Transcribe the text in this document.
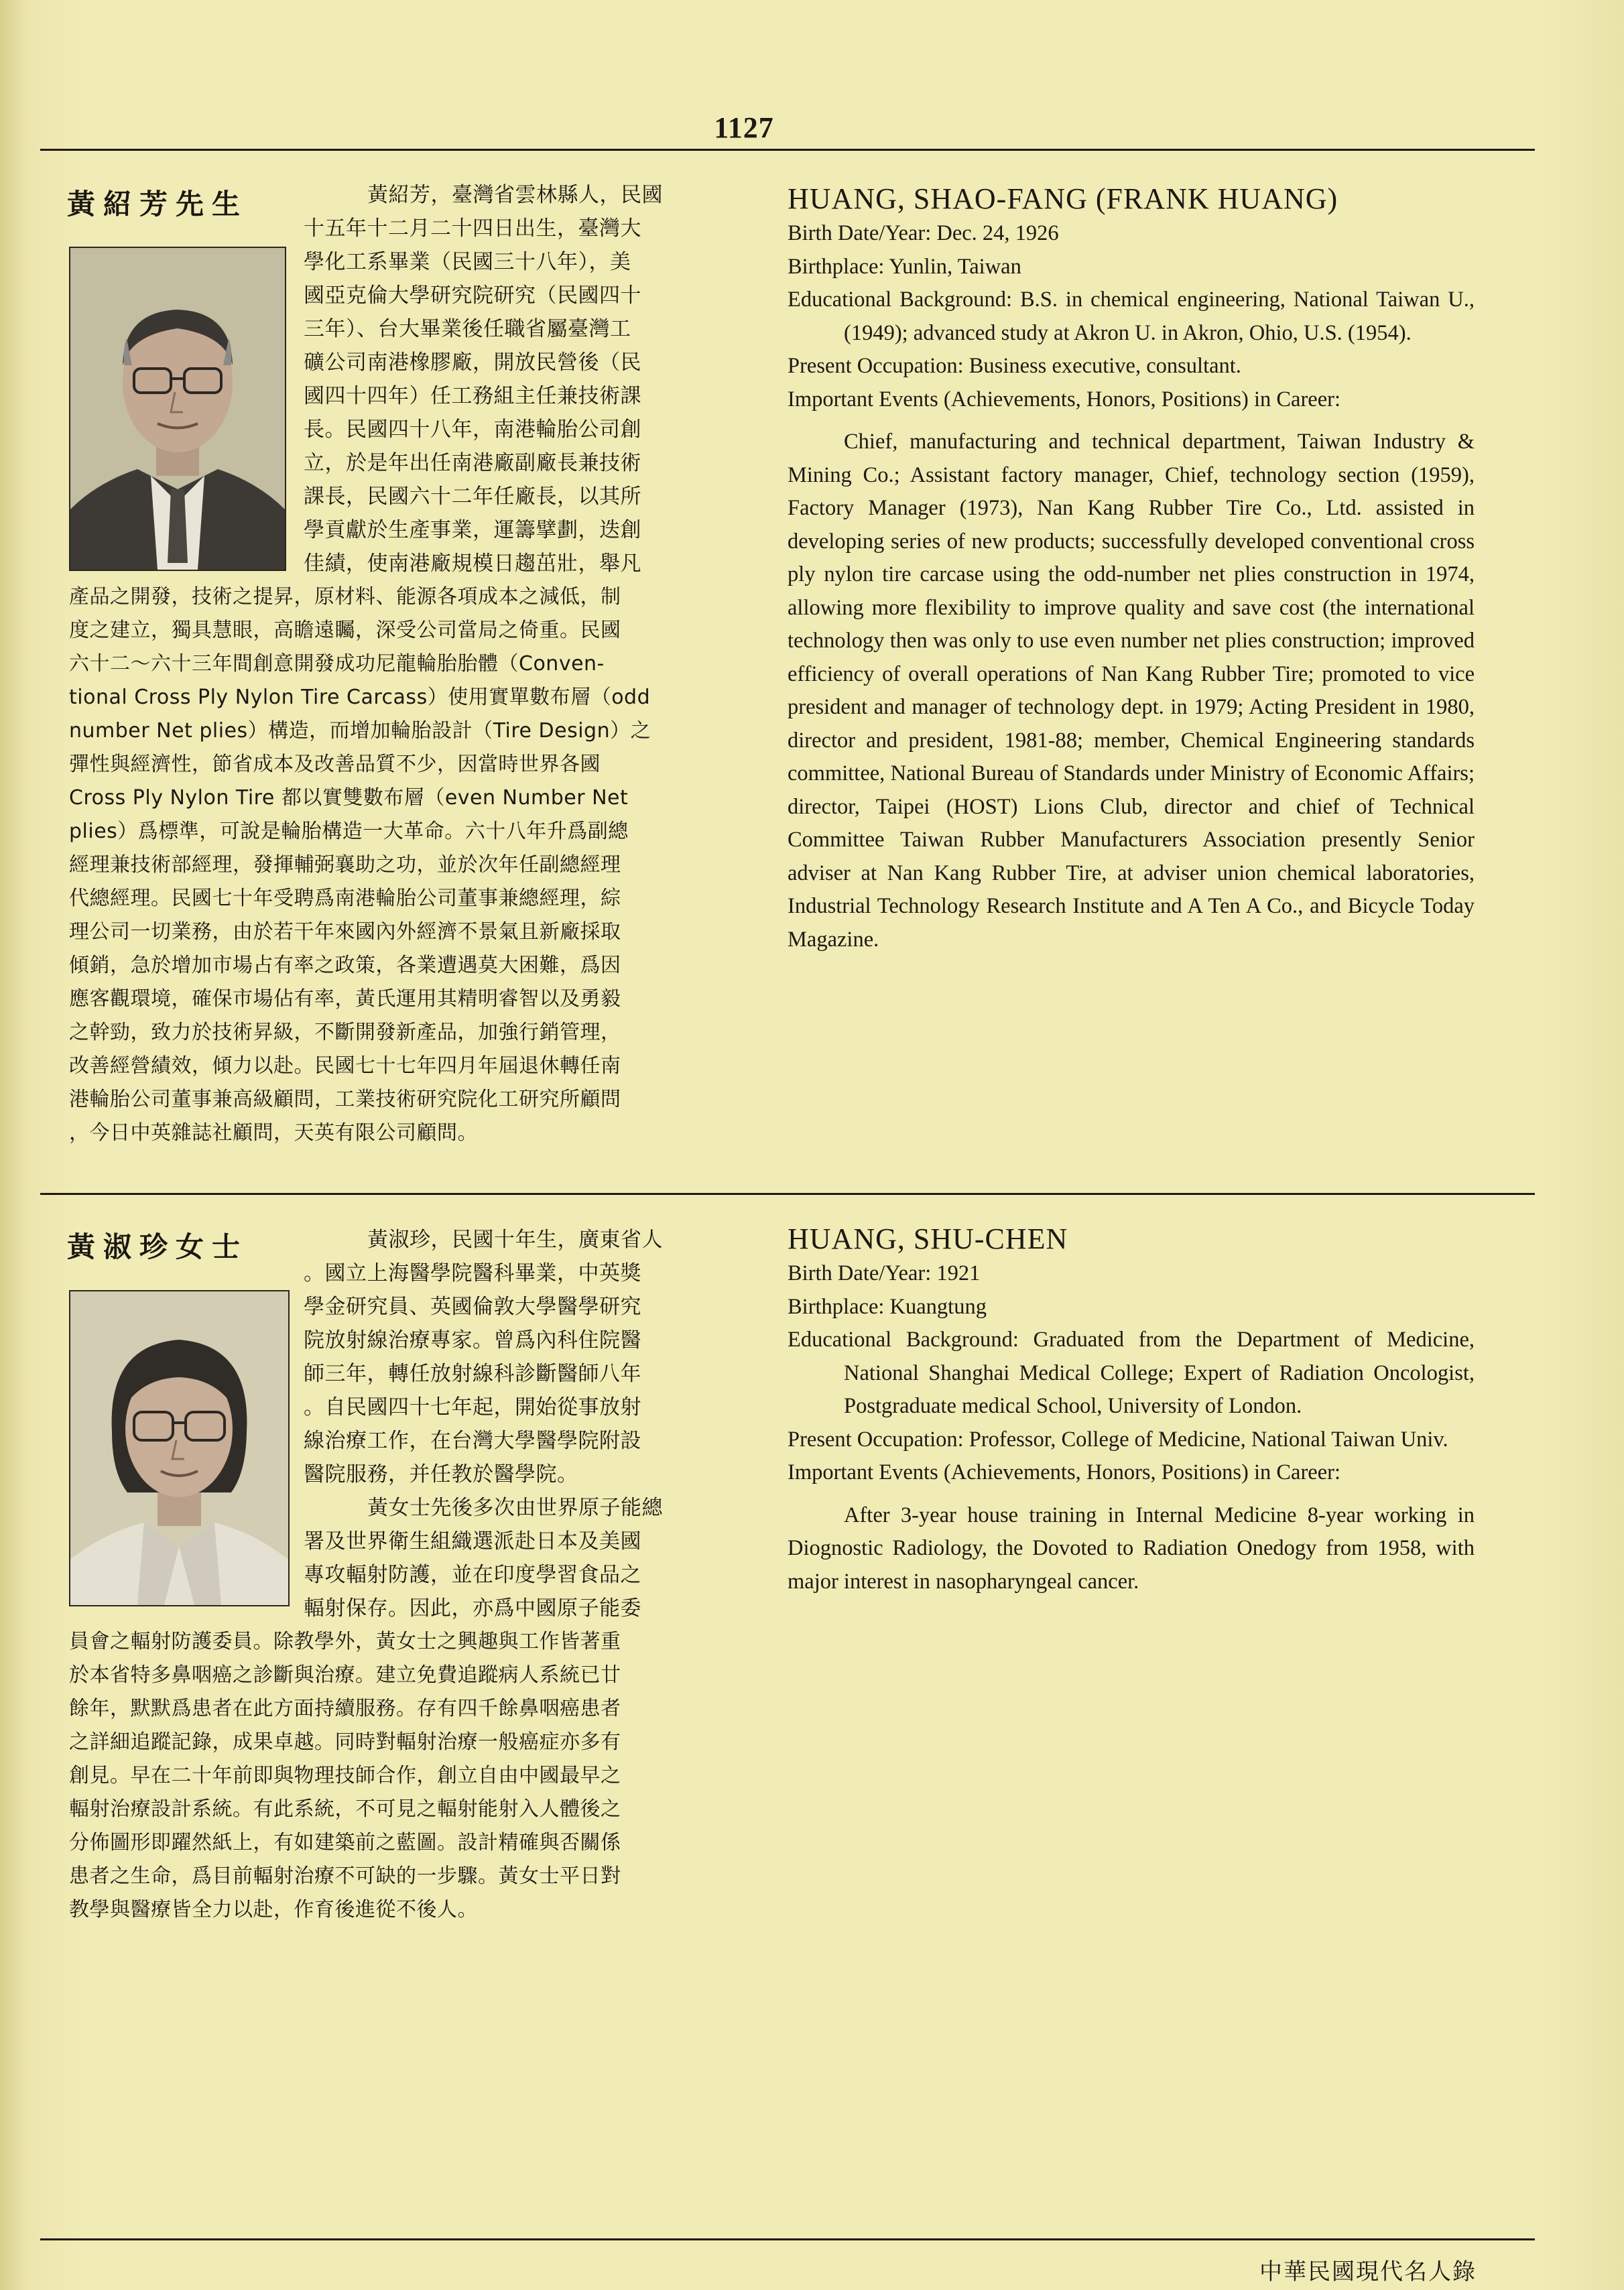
1127
黃紹芳先生	黃紹芳，臺灣省雲林縣人，民國
十五年十二月二十四日出生，臺灣大
學化工系畢業（民國三十八年），美
國亞克倫大學研究院研究（民國四十
三年）、台大畢業後任職省屬臺灣工
礦公司南港橡膠廠，開放民營後（民
國四十四年）任工務組主任兼技術課
長。民國四十八年，南港輪胎公司創
立，於是年出任南港廠副廠長兼技術
課長，民國六十二年任廠長，以其所
學貢獻於生產事業，運籌擘劃，迭創
佳績，使南港廠規模日趨茁壯，舉凡
產品之開發，技術之提昇，原材料、能源各項成本之減低，制
度之建立，獨具慧眼，高瞻遠矚，深受公司當局之倚重。民國
六十二～六十三年間創意開發成功尼龍輪胎胎體（Conven-
tional Cross Ply Nylon Tire Carcass）使用實單數布層（odd
number Net plies）構造，而增加輪胎設計（Tire Design）之
彈性與經濟性，節省成本及改善品質不少，因當時世界各國
Cross Ply Nylon Tire 都以實雙數布層（even Number Net
plies）爲標準，可說是輪胎構造一大革命。六十八年升爲副總
經理兼技術部經理，發揮輔弼襄助之功，並於次年任副總經理
代總經理。民國七十年受聘爲南港輪胎公司董事兼總經理，綜
理公司一切業務，由於若干年來國內外經濟不景氣且新廠採取
傾銷，急於增加市場占有率之政策，各業遭遇莫大困難，爲因
應客觀環境，確保市場佔有率，黃氏運用其精明睿智以及勇毅
之幹勁，致力於技術昇級，不斷開發新產品，加強行銷管理，
改善經營績效，傾力以赴。民國七十七年四月年屆退休轉任南
港輪胎公司董事兼高級顧問，工業技術研究院化工研究所顧問
，今日中英雜誌社顧問，天英有限公司顧問。
HUANG, SHAO-FANG (FRANK HUANG)
Birth Date/Year: Dec. 24, 1926
Birthplace: Yunlin, Taiwan
Educational Background: B.S. in chemical engineering, National Taiwan U., (1949); advanced study at Akron U. in Akron, Ohio, U.S. (1954).
Present Occupation: Business executive, consultant.
Important Events (Achievements, Honors, Positions) in Career:
Chief, manufacturing and technical department, Taiwan Industry & Mining Co.; Assistant factory manager, Chief, technology section (1959), Factory Manager (1973), Nan Kang Rubber Tire Co., Ltd. assisted in developing series of new products; successfully developed conventional cross ply nylon tire carcase using the odd-number net plies construction in 1974, allowing more flexibility to improve quality and save cost (the international technology then was only to use even number net plies construction; improved efficiency of overall operations of Nan Kang Rubber Tire; promoted to vice president and manager of technology dept. in 1979; Acting President in 1980, director and president, 1981-88; member, Chemical Engineering standards committee, National Bureau of Standards under Ministry of Economic Affairs; director, Taipei (HOST) Lions Club, director and chief of Technical Committee Taiwan Rubber Manufacturers Association presently Senior adviser at Nan Kang Rubber Tire, at adviser union chemical laboratories, Industrial Technology Research Institute and A Ten A Co., and Bicycle Today Magazine.
黃淑珍女士	黃淑珍，民國十年生，廣東省人
。國立上海醫學院醫科畢業，中英獎
學金研究員、英國倫敦大學醫學研究
院放射線治療專家。曾爲內科住院醫
師三年，轉任放射線科診斷醫師八年
。自民國四十七年起，開始從事放射
線治療工作，在台灣大學醫學院附設
醫院服務，并任教於醫學院。
黃女士先後多次由世界原子能總
署及世界衛生組織選派赴日本及美國
專攻輻射防護，並在印度學習食品之
輻射保存。因此，亦爲中國原子能委
員會之輻射防護委員。除教學外，黃女士之興趣與工作皆著重
於本省特多鼻咽癌之診斷與治療。建立免費追蹤病人系統已廿
餘年，默默爲患者在此方面持續服務。存有四千餘鼻咽癌患者
之詳細追蹤記錄，成果卓越。同時對輻射治療一般癌症亦多有
創見。早在二十年前即與物理技師合作，創立自由中國最早之
輻射治療設計系統。有此系統，不可見之輻射能射入人體後之
分佈圖形即躍然紙上，有如建築前之藍圖。設計精確與否關係
患者之生命，爲目前輻射治療不可缺的一步驟。黃女士平日對
教學與醫療皆全力以赴，作育後進從不後人。
HUANG, SHU-CHEN
Birth Date/Year: 1921
Birthplace: Kuangtung
Educational Background: Graduated from the Department of Medicine, National Shanghai Medical College; Expert of Radiation Oncologist, Postgraduate medical School, University of London.
Present Occupation: Professor, College of Medicine, National Taiwan Univ.
Important Events (Achievements, Honors, Positions) in Career:
After 3-year house training in Internal Medicine 8-year working in Diognostic Radiology, the Dovoted to Radiation Onedogy from 1958, with major interest in nasopharyngeal cancer.
中華民國現代名人錄
